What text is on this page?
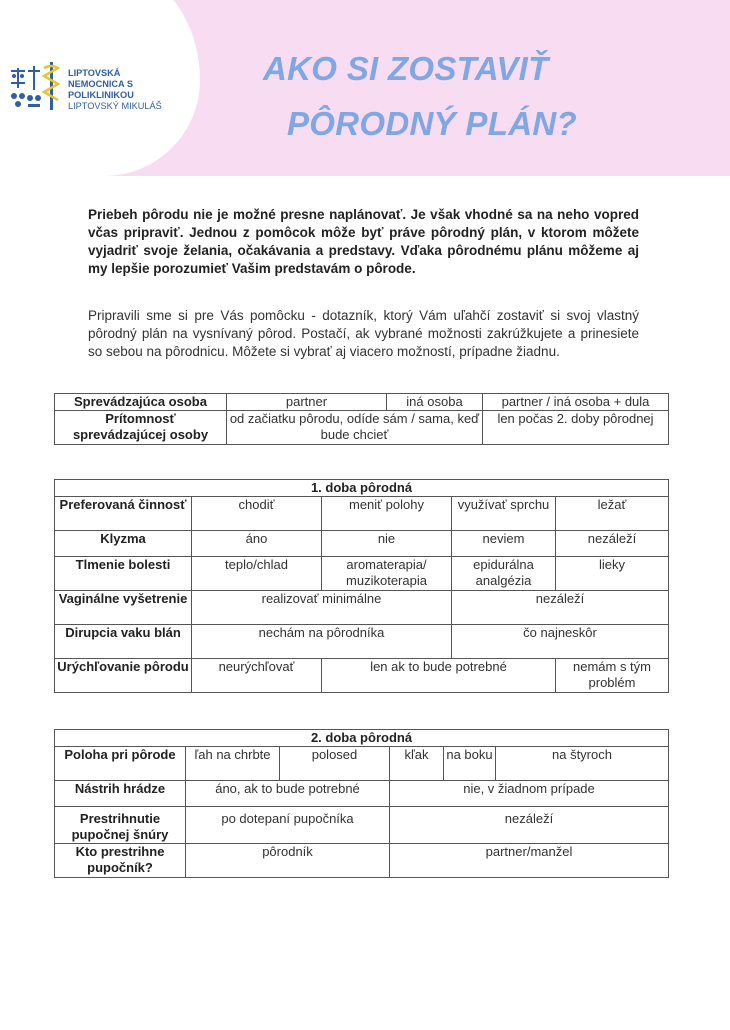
LIPTOVSKÁ
NEMOCNICA S POLIKLINIKOU
LIPTOVSKÝ MIKULÁŠ
AKO SI ZOSTAVIŤ
PÔRODNÝ PLÁN?
Priebeh pôrodu nie je možné presne naplánovať. Je však vhodné sa na neho vopred včas pripraviť. Jednou z pomôcok môže byť práve pôrodný plán, v ktorom môžete vyjadriť svoje želania, očakávania a predstavy. Vďaka pôrodnému plánu môžeme aj my lepšie porozumieť Vašim predstavám o pôrode.
Pripravili sme si pre Vás pomôcku - dotazník, ktorý Vám uľahčí zostaviť si svoj vlastný pôrodný plán na vysnívaný pôrod. Postačí, ak vybrané možnosti zakrúžkujete a prinesiete so sebou na pôrodnicu. Môžete si vybrať aj viacero možností, prípadne žiadnu.
Sprevádzajúca osoba	partner	iná osoba	partner / iná osoba + dula
Prítomnosť sprevádzajúcej osoby	od začiatku pôrodu, odíde sám / sama, keď bude chcieť		len počas 2. doby pôrodnej
1. doba pôrodná				
Preferovaná činnosť	chodiť	meniť polohy	využívať sprchu	ležať
Klyzma	áno	nie	neviem	nezáleží
Tlmenie bolesti	teplo/chlad	aromaterapia/ muzikoterapia	epidurálna analgézia	lieky
Vaginálne vyšetrenie	realizovať minimálne		nezáleží	
Dirupcia vaku blán	nechám na pôrodníka		čo najneskôr	
Urýchľovanie pôrodu	neurýchľovať	len ak to bude potrebné		nemám s tým problém
2. doba pôrodná					
Poloha pri pôrode	ľah na chrbte	polosed	kľak	na boku	na štyroch
Nástrih hrádze	áno, ak to bude potrebné		nie, v žiadnom prípade		
Prestrihnutie pupočnej šnúry	po dotepaní pupočníka		nezáleží		
Kto prestrihne pupočník?	pôrodník		partner/manžel		
